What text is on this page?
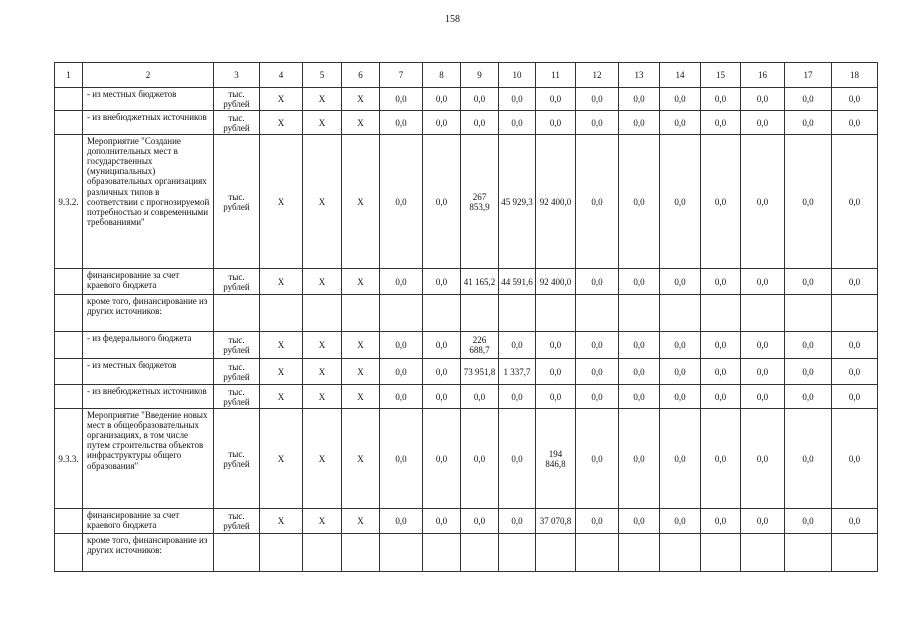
158
1	2	3	4	5	6	7	8	9	10	11	12	13	14	15	16	17	18
	- из местных бюджетов	тыс. рублей	X	X	X	0,0	0,0	0,0	0,0	0,0	0,0	0,0	0,0	0,0	0,0	0,0	0,0
	- из внебюджетных источников	тыс. рублей	X	X	X	0,0	0,0	0,0	0,0	0,0	0,0	0,0	0,0	0,0	0,0	0,0	0,0
9.3.2.	Мероприятие "Создание дополнительных мест в государственных (муниципальных) образовательных организациях различных типов в соответствии с прогнозируемой потребностью и современными требованиями"	тыс. рублей	X	X	X	0,0	0,0	267 853,9	45 929,3	92 400,0	0,0	0,0	0,0	0,0	0,0	0,0	0,0
	финансирование за счет краевого бюджета	тыс. рублей	X	X	X	0,0	0,0	41 165,2	44 591,6	92 400,0	0,0	0,0	0,0	0,0	0,0	0,0	0,0
	кроме того, финансирование из других источников:																
	- из федерального бюджета	тыс. рублей	X	X	X	0,0	0,0	226 688,7	0,0	0,0	0,0	0,0	0,0	0,0	0,0	0,0	0,0
	- из местных бюджетов	тыс. рублей	X	X	X	0,0	0,0	73 951,8	1 337,7	0,0	0,0	0,0	0,0	0,0	0,0	0,0	0,0
	- из внебюджетных источников	тыс. рублей	X	X	X	0,0	0,0	0,0	0,0	0,0	0,0	0,0	0,0	0,0	0,0	0,0	0,0
9.3.3.	Мероприятие "Введение новых мест в общеобразовательных организациях, в том числе путем строительства объектов инфраструктуры общего образования"	тыс. рублей	X	X	X	0,0	0,0	0,0	0,0	194 846,8	0,0	0,0	0,0	0,0	0,0	0,0	0,0
	финансирование за счет краевого бюджета	тыс. рублей	X	X	X	0,0	0,0	0,0	0,0	37 070,8	0,0	0,0	0,0	0,0	0,0	0,0	0,0
	кроме того, финансирование из других источников:																
